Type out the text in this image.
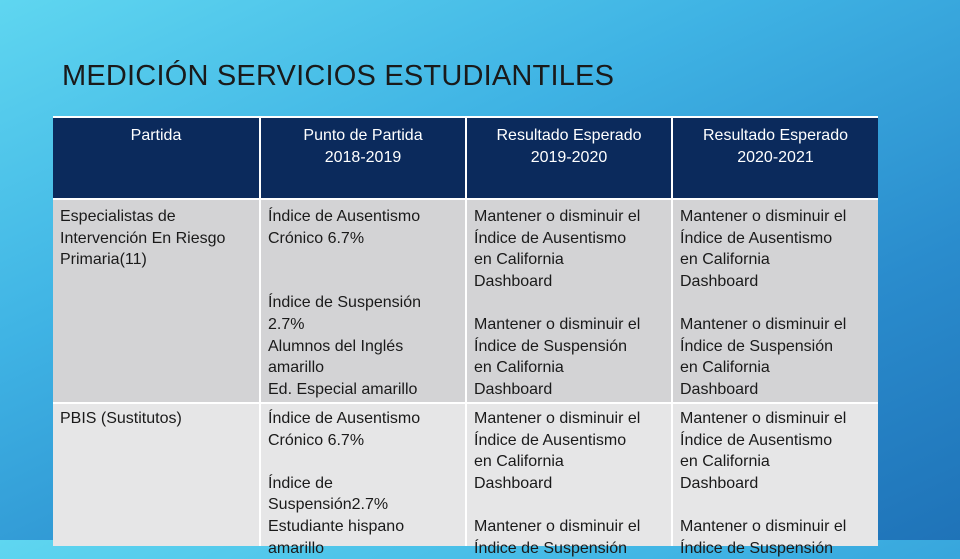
MEDICIÓN SERVICIOS ESTUDIANTILES
Partida	Punto de Partida
2018-2019
Resultado Esperado
2019-2020
Resultado Esperado
2020-2021
Especialistas de
Intervención En Riesgo
Primaria(11)
Índice de Ausentismo
Crónico 6.7%
Índice de Suspensión
2.7%
Alumnos del Inglés
amarillo
Ed. Especial amarillo
Mantener o disminuir el
Índice de Ausentismo
en California
Dashboard
Mantener o disminuir el
Índice de Suspensión
en California
Dashboard
Mantener o disminuir el
Índice de Ausentismo
en California
Dashboard
Mantener o disminuir el
Índice de Suspensión
en California
Dashboard
PBIS (Sustitutos)	Índice de Ausentismo
Crónico 6.7%
Índice de
Suspensión2.7%
Estudiante hispano
amarillo
Mantener o disminuir el
Índice de Ausentismo
en California
Dashboard
Mantener o disminuir el
Índice de Suspensión
Mantener o disminuir el
Índice de Ausentismo
en California
Dashboard
Mantener o disminuir el
Índice de Suspensión
